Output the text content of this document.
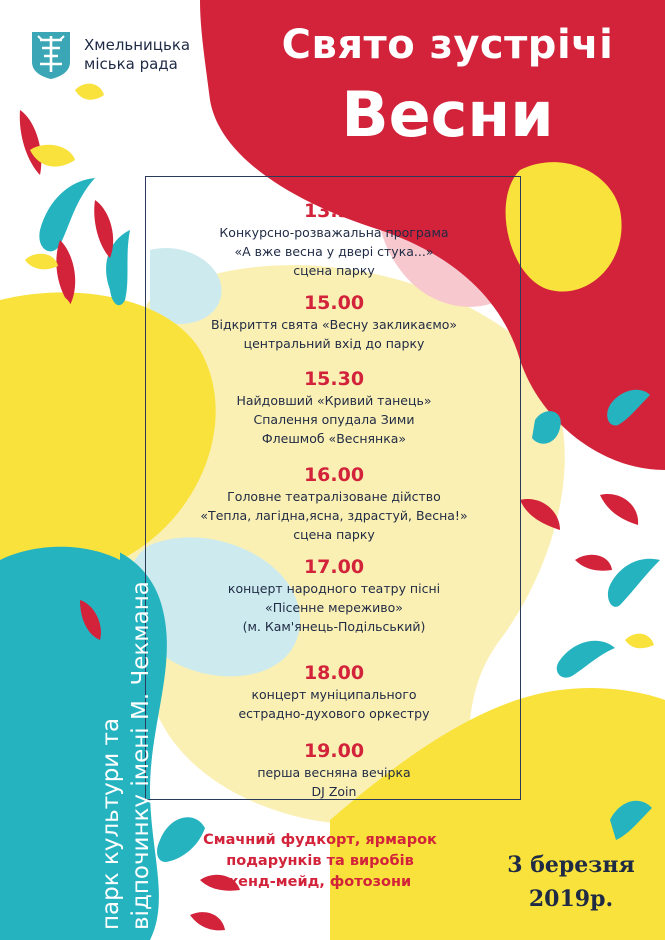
Хмельницька
міська рада	Свято зустрічі
Весни
13.30
Конкурсно-розважальна програма
«А вже весна у двері стука...»
сцена парку
15.00
Відкриття свята «Весну закликаємо»
центральний вхід до парку
15.30
Найдовший «Кривий танець»
Спалення опудала Зими
Флешмоб «Веснянка»
16.00
Головне театралізоване дійство
«Тепла, лагідна,ясна, здрастуй, Весна!»
сцена парку
17.00
концерт народного театру пісні
«Пісенне мереживо»
(м. Кам'янець-Подільський)
18.00
концерт муніципального
естрадно-духового оркестру
19.00
перша весняна вечірка
DJ Zoin
Смачний фудкорт, ярмарок
подарунків та виробів
хенд-мейд, фотозони
3 березня
2019р.
парк культури та відпочинку імені М. Чекмана
